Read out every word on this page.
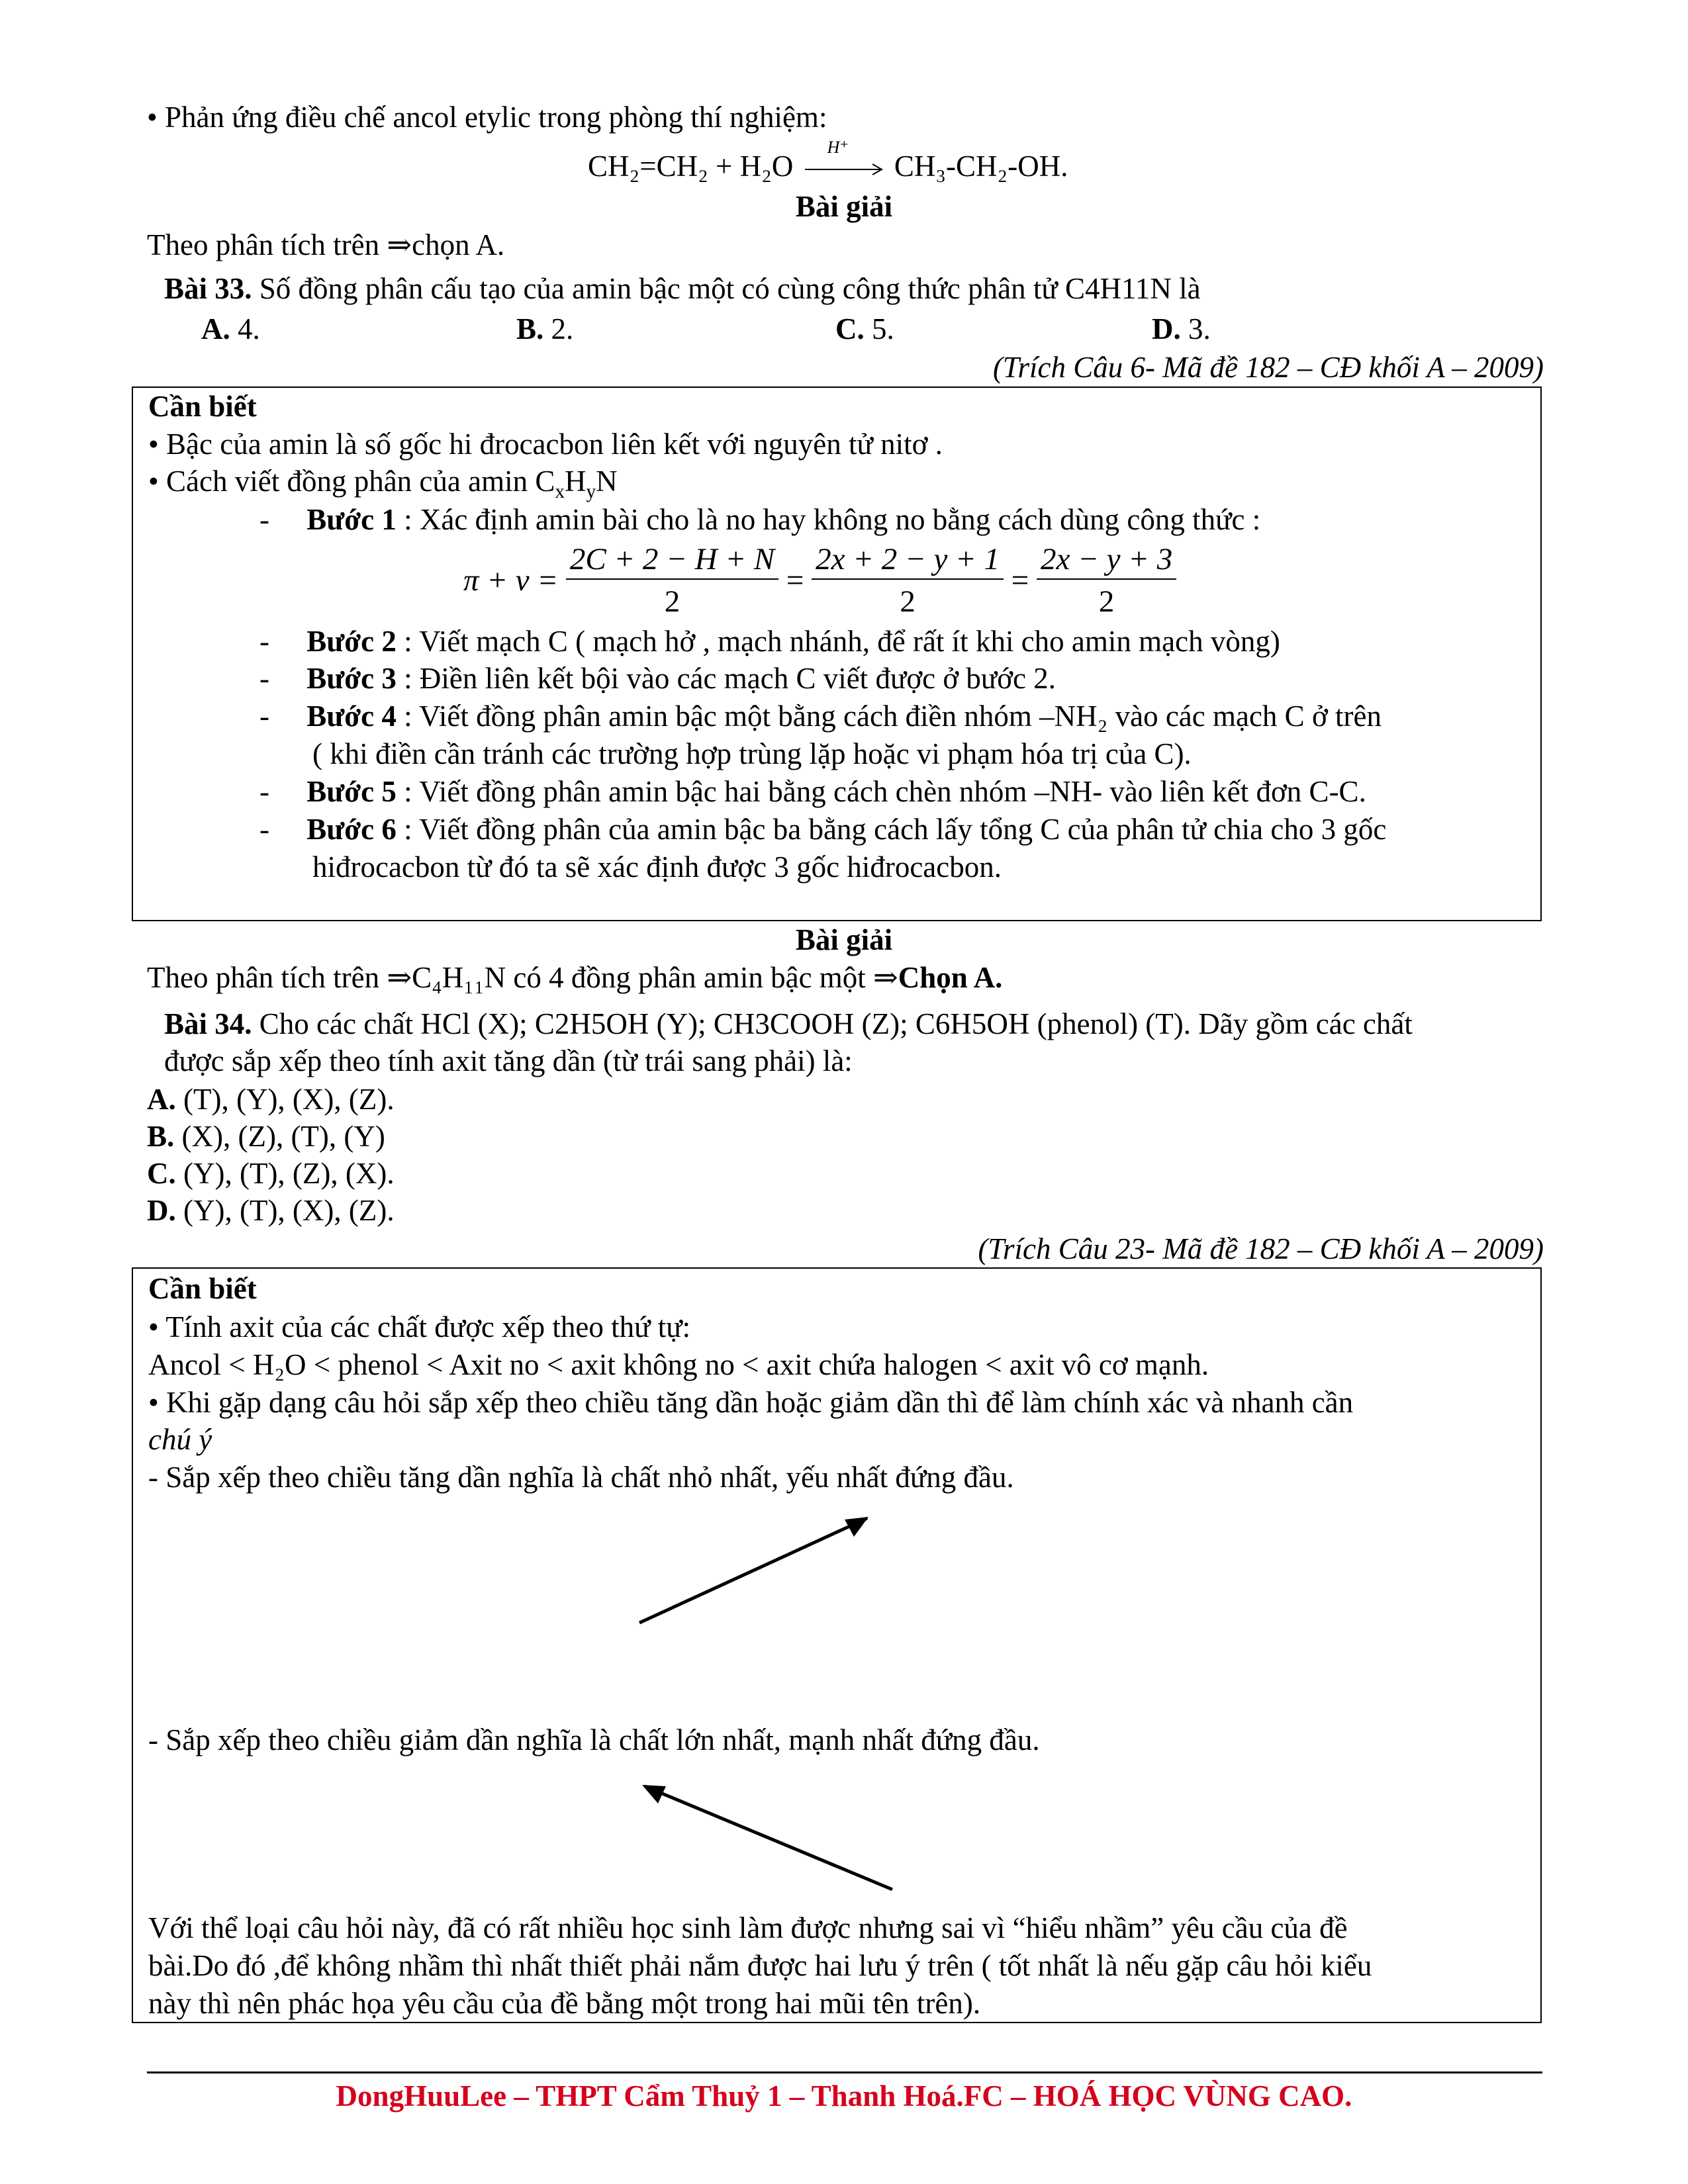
• Phản ứng điều chế ancol etylic trong phòng thí nghiệm:
CH₂=CH₂ + H₂O
H⁺
CH₃-CH₂-OH.
Bài giải
Theo phân tích trên ⇒chọn A.
Bài 33. Số đồng phân cấu tạo của amin bậc một có cùng công thức phân tử C4H11N là
A. 4.	B. 2.	C. 5.	D. 3.
(Trích Câu 6- Mã đề 182 – CĐ khối A – 2009)
Cần biết
• Bậc của amin là số gốc hi đrocacbon liên kết với nguyên tử nitơ .
• Cách viết đồng phân của amin $C_xH_yN$
-     Bước 1 : Xác định amin bài cho là no hay không no bằng cách dùng công thức :
$\pi + v = \frac{2C + 2 - H + N}{2} = \frac{2x + 2 - y + 1}{2} = \frac{2x - y + 3}{2}$
-     Bước 2 : Viết mạch C ( mạch hở , mạch nhánh, để rất ít khi cho amin mạch vòng)
-     Bước 3 : Điền liên kết bội vào các mạch C viết được ở bước 2.
-     Bước 4 : Viết đồng phân amin bậc một bằng cách điền nhóm –NH₂ vào các mạch C ở trên
( khi điền cần tránh các trường hợp trùng lặp hoặc vi phạm hóa trị của C).
-     Bước 5 : Viết đồng phân amin bậc hai bằng cách chèn nhóm –NH- vào liên kết đơn C-C.
-     Bước 6 : Viết đồng phân của amin bậc ba bằng cách lấy tổng C của phân tử chia cho 3 gốc
hiđrocacbon từ đó ta sẽ xác định được 3 gốc hiđrocacbon.
Bài giải
Theo phân tích trên ⇒C₄H₁₁N có 4 đồng phân amin bậc một ⇒Chọn A.
Bài 34. Cho các chất HCl (X); C2H5OH (Y); CH3COOH (Z); C6H5OH (phenol) (T). Dãy gồm các chất
được sắp xếp theo tính axit tăng dần (từ trái sang phải) là:
A. (T), (Y), (X), (Z).
B. (X), (Z), (T), (Y)
C. (Y), (T), (Z), (X).
D. (Y), (T), (X), (Z).
(Trích Câu 23- Mã đề 182 – CĐ khối A – 2009)
Cần biết
• Tính axit của các chất được xếp theo thứ tự:
Ancol < H₂O < phenol < Axit no < axit không no < axit chứa halogen < axit vô cơ mạnh.
• Khi gặp dạng câu hỏi sắp xếp theo chiều tăng dần hoặc giảm dần thì để làm chính xác và nhanh cần
chú ý
- Sắp xếp theo chiều tăng dần nghĩa là chất nhỏ nhất, yếu nhất đứng đầu.
- Sắp xếp theo chiều giảm dần nghĩa là chất lớn nhất, mạnh nhất đứng đầu.
Với thể loại câu hỏi này, đã có rất nhiều học sinh làm được nhưng sai vì “hiểu nhầm” yêu cầu của đề
bài.Do đó ,để không nhầm thì nhất thiết phải nắm được hai lưu ý trên ( tốt nhất là nếu gặp câu hỏi kiểu
này thì nên phác họa yêu cầu của đề bằng một trong hai mũi tên trên).
DongHuuLee – THPT Cẩm Thuỷ 1 – Thanh Hoá.FC – HOÁ HỌC VÙNG CAO.
